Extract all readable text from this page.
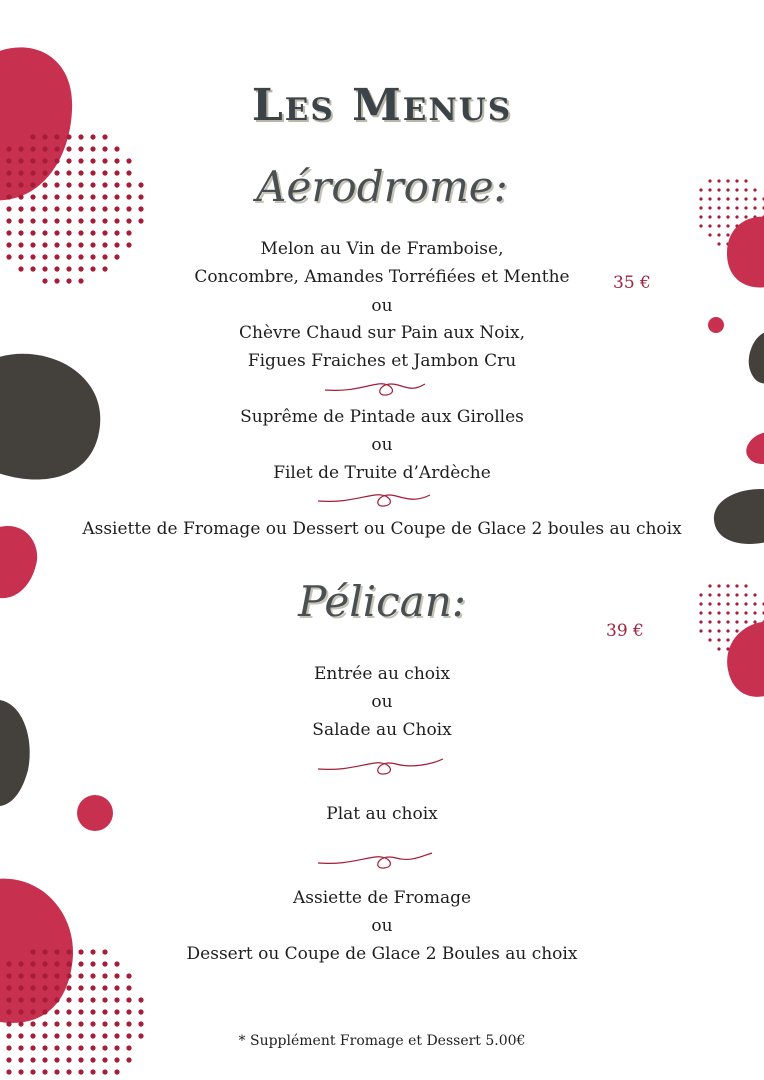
Les Menus
Aérodrome:
35 €
Melon au Vin de Framboise,
Concombre, Amandes Torréfiées et Menthe
ou
Chèvre Chaud sur Pain aux Noix,
Figues Fraiches et Jambon Cru
Suprême de Pintade aux Girolles
ou
Filet de Truite d’Ardèche
Assiette de Fromage ou Dessert ou Coupe de Glace 2 boules au choix
Pélican:
39 €
Entrée au choix
ou
Salade au Choix
Plat au choix
Assiette de Fromage
ou
Dessert ou Coupe de Glace 2 Boules au choix
* Supplément Fromage et Dessert 5.00€
